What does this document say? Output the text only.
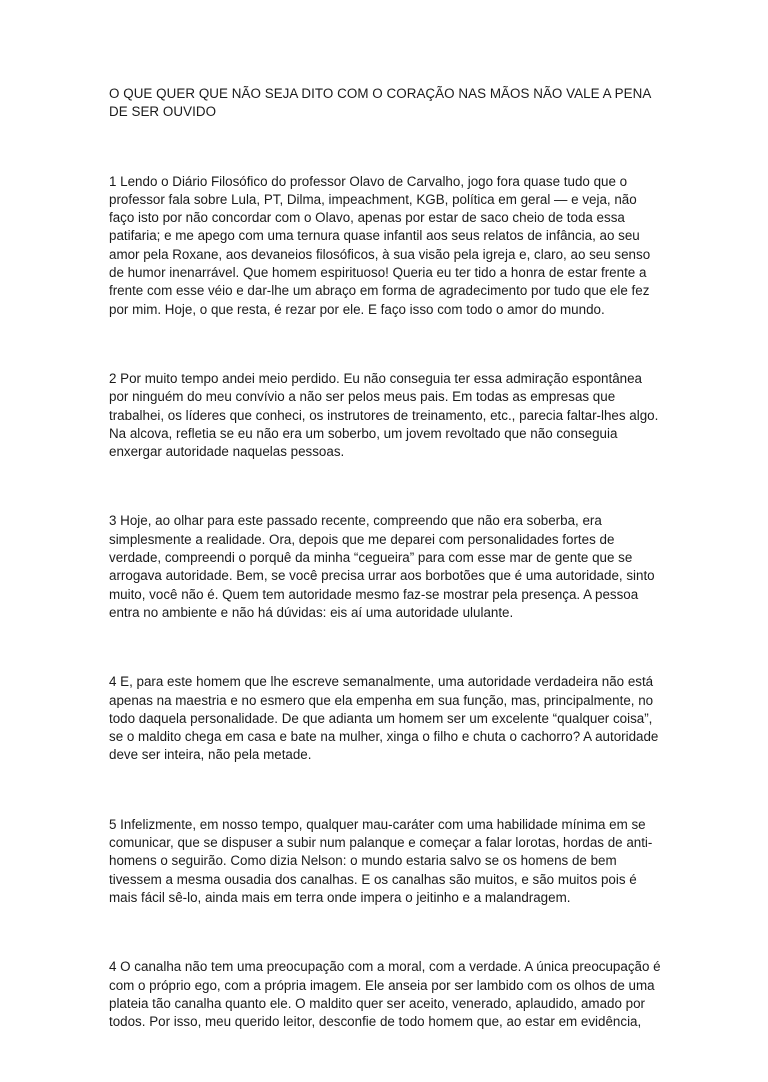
O QUE QUER QUE NÃO SEJA DITO COM O CORAÇÃO NAS MÃOS NÃO VALE A PENA DE SER OUVIDO

1 Lendo o Diário Filosófico do professor Olavo de Carvalho, jogo fora quase tudo que o professor fala sobre Lula, PT, Dilma, impeachment, KGB, política em geral — e veja, não faço isto por não concordar com o Olavo, apenas por estar de saco cheio de toda essa patifaria; e me apego com uma ternura quase infantil aos seus relatos de infância, ao seu amor pela Roxane, aos devaneios filosóficos, à sua visão pela igreja e, claro, ao seu senso de humor inenarrável. Que homem espirituoso! Queria eu ter tido a honra de estar frente a frente com esse véio e dar-lhe um abraço em forma de agradecimento por tudo que ele fez por mim. Hoje, o que resta, é rezar por ele. E faço isso com todo o amor do mundo.

2 Por muito tempo andei meio perdido. Eu não conseguia ter essa admiração espontânea por ninguém do meu convívio a não ser pelos meus pais. Em todas as empresas que trabalhei, os líderes que conheci, os instrutores de treinamento, etc., parecia faltar-lhes algo. Na alcova, refletia se eu não era um soberbo, um jovem revoltado que não conseguia enxergar autoridade naquelas pessoas.

3 Hoje, ao olhar para este passado recente, compreendo que não era soberba, era simplesmente a realidade. Ora, depois que me deparei com personalidades fortes de verdade, compreendi o porquê da minha “cegueira” para com esse mar de gente que se arrogava autoridade. Bem, se você precisa urrar aos borbotões que é uma autoridade, sinto muito, você não é. Quem tem autoridade mesmo faz-se mostrar pela presença. A pessoa entra no ambiente e não há dúvidas: eis aí uma autoridade ululante.

4 E, para este homem que lhe escreve semanalmente, uma autoridade verdadeira não está apenas na maestria e no esmero que ela empenha em sua função, mas, principalmente, no todo daquela personalidade. De que adianta um homem ser um excelente “qualquer coisa”, se o maldito chega em casa e bate na mulher, xinga o filho e chuta o cachorro? A autoridade deve ser inteira, não pela metade.

5 Infelizmente, em nosso tempo, qualquer mau-caráter com uma habilidade mínima em se comunicar, que se dispuser a subir num palanque e começar a falar lorotas, hordas de anti-homens o seguirão. Como dizia Nelson: o mundo estaria salvo se os homens de bem tivessem a mesma ousadia dos canalhas. E os canalhas são muitos, e são muitos pois é mais fácil sê-lo, ainda mais em terra onde impera o jeitinho e a malandragem.

4 O canalha não tem uma preocupação com a moral, com a verdade. A única preocupação é com o próprio ego, com a própria imagem. Ele anseia por ser lambido com os olhos de uma plateia tão canalha quanto ele. O maldito quer ser aceito, venerado, aplaudido, amado por todos. Por isso, meu querido leitor, desconfie de todo homem que, ao estar em evidência,
